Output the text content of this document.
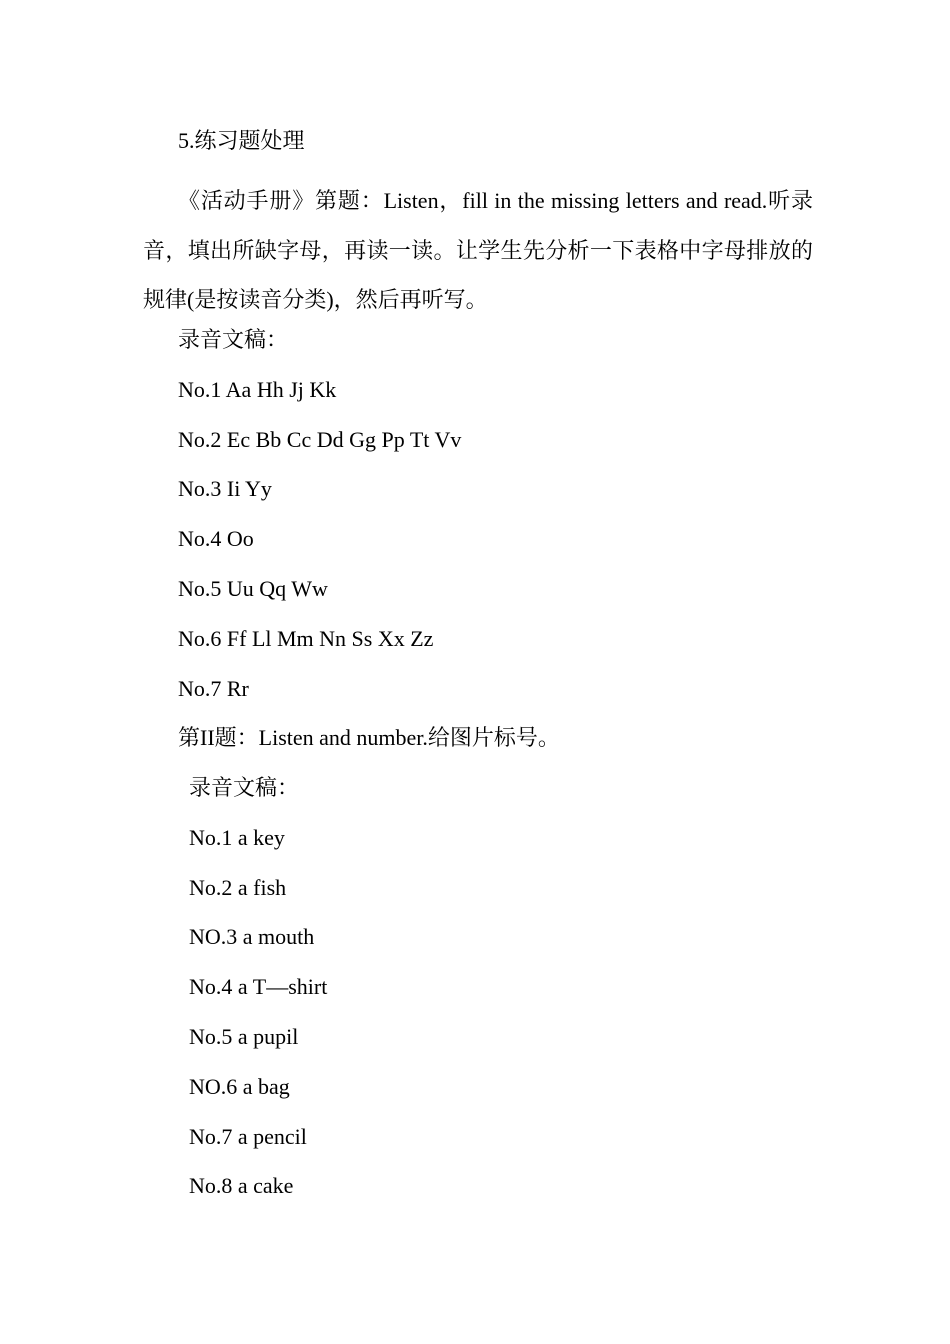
5.练习题处理
《活动手册》第题：Listen，fill in the missing letters and read.听录音，填出所缺字母，再读一读。让学生先分析一下表格中字母排放的规律(是按读音分类)，然后再听写。
录音文稿：
No.1 Aa Hh Jj Kk
No.2 Ec Bb Cc Dd Gg Pp Tt Vv
No.3 Ii Yy
No.4 Oo
No.5 Uu Qq Ww
No.6 Ff Ll Mm Nn Ss Xx Zz
No.7 Rr
第II题：Listen and number.给图片标号。
录音文稿：
No.1 a key
No.2 a fish
NO.3 a mouth
No.4 a T—shirt
No.5 a pupil
NO.6 a bag
No.7 a pencil
No.8 a cake
